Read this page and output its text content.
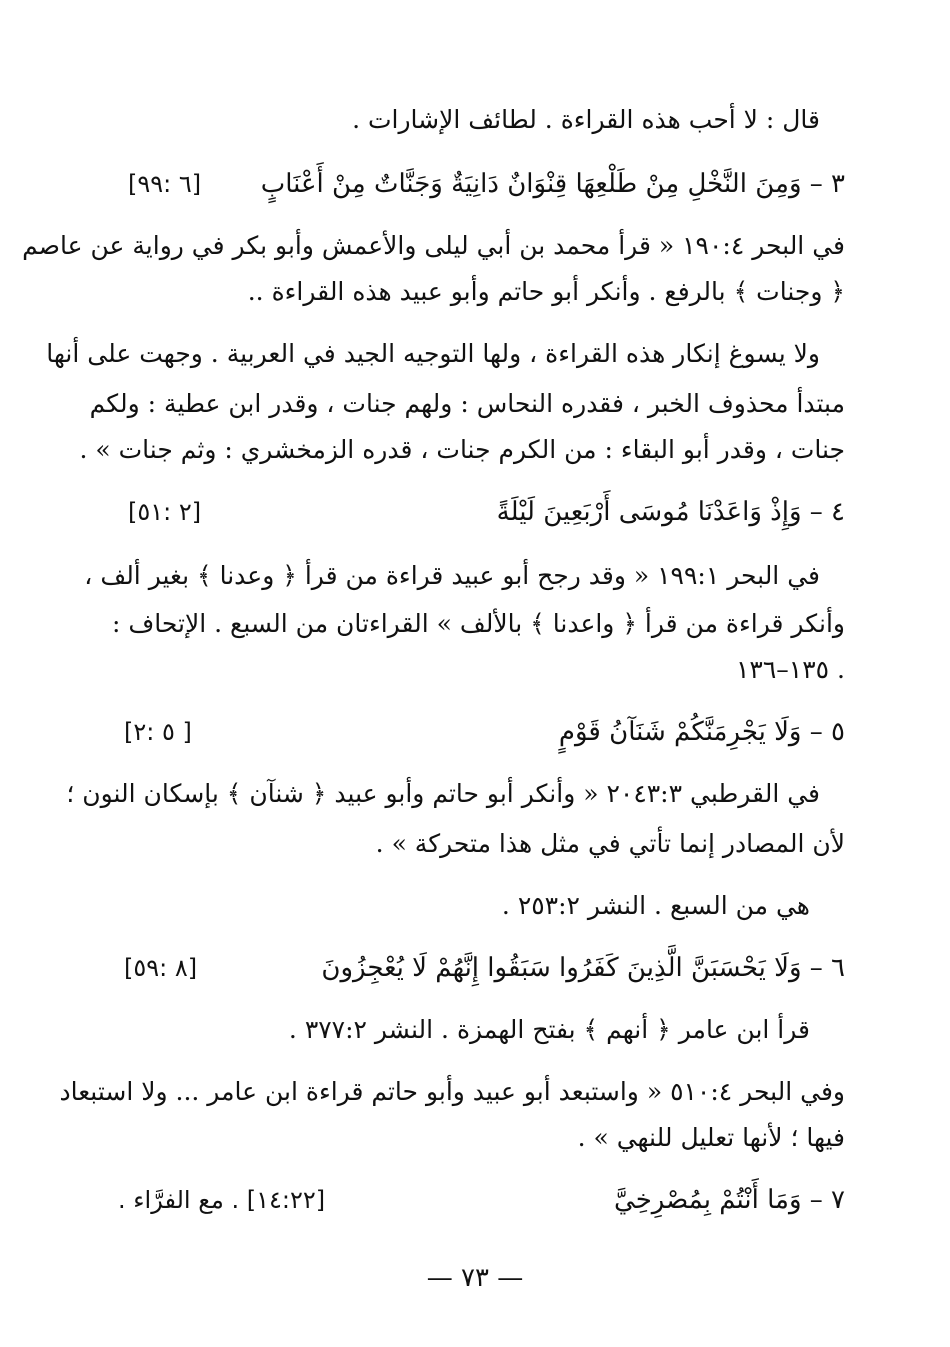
قال : لا أحب هذه القراءة . لطائف الإشارات .
٣ – وَمِنَ النَّخْلِ مِنْ طَلْعِهَا قِنْوَانٌ دَانِيَةٌ وَجَنَّاتٌ مِنْ أَعْنَابٍ
[٦ :٩٩]
في البحر ١٩٠:٤ « قرأ محمد بن أبي ليلى والأعمش وأبو بكر في رواية عن عاصم
﴿ وجنات ﴾ بالرفع . وأنكر أبو حاتم وأبو عبيد هذه القراءة ..
ولا يسوغ إنكار هذه القراءة ، ولها التوجيه الجيد في العربية . وجهت على أنها
مبتدأ محذوف الخبر ، فقدره النحاس : ولهم جنات ، وقدر ابن عطية : ولكم
جنات ، وقدر أبو البقاء : من الكرم جنات ، قدره الزمخشري : وثم جنات » .
٤ – وَإِذْ وَاعَدْنَا مُوسَى أَرْبَعِينَ لَيْلَةً
[٢ :٥١]
في البحر ١٩٩:١ « وقد رجح أبو عبيد قراءة من قرأ ﴿ وعدنا ﴾ بغير ألف ،
وأنكر قراءة من قرأ ﴿ واعدنا ﴾ بالألف » القراءتان من السبع . الإتحاف :
١٣٥–١٣٦ .
٥ – وَلَا يَجْرِمَنَّكُمْ شَنَآنُ قَوْمٍ
[٥ :٢ ]
في القرطبي ٢٠٤٣:٣ « وأنكر أبو حاتم وأبو عبيد ﴿ شنآن ﴾ بإسكان النون ؛
لأن المصادر إنما تأتي في مثل هذا متحركة » .
هي من السبع . النشر ٢٥٣:٢ .
٦ – وَلَا يَحْسَبَنَّ الَّذِينَ كَفَرُوا سَبَقُوا إِنَّهُمْ لَا يُعْجِزُونَ
[٨ :٥٩]
قرأ ابن عامر ﴿ أنهم ﴾ بفتح الهمزة . النشر ٣٧٧:٢ .
وفي البحر ٥١٠:٤ « واستبعد أبو عبيد وأبو حاتم قراءة ابن عامر ... ولا استبعاد
فيها ؛ لأنها تعليل للنهي » .
٧ – وَمَا أَنْتُمْ بِمُصْرِخِيَّ
[١٤:٢٢] . مع الفرَّاء .
— ٧٣ —
